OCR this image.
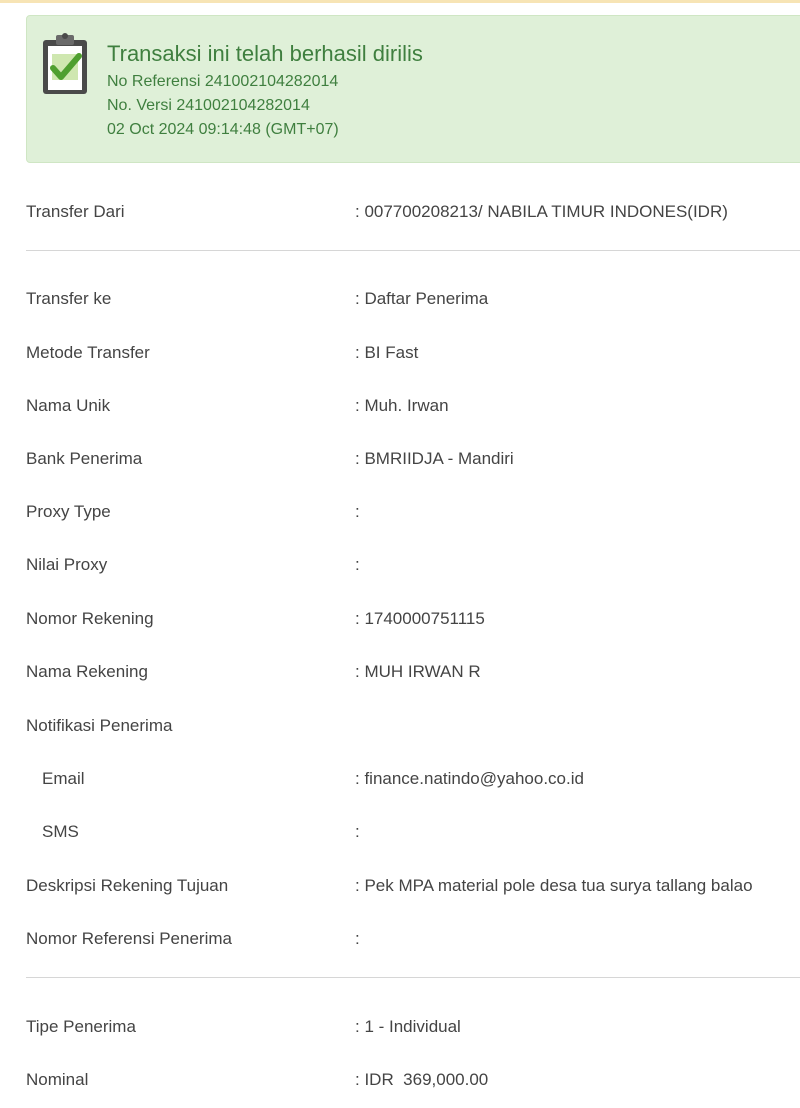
Transaksi ini telah berhasil dirilis
No Referensi 241002104282014
No. Versi 241002104282014
02 Oct 2024 09:14:48 (GMT+07)
Transfer Dari	: 007700208213/ NABILA TIMUR INDONES(IDR)
Transfer ke	: Daftar Penerima
Metode Transfer	: BI Fast
Nama Unik	: Muh. Irwan
Bank Penerima	: BMRIIDJA - Mandiri
Proxy Type	:
Nilai Proxy	:
Nomor Rekening	: 1740000751115
Nama Rekening	: MUH IRWAN R
Notifikasi Penerima
Email	: finance.natindo@yahoo.co.id
SMS	:
Deskripsi Rekening Tujuan	: Pek MPA material pole desa tua surya tallang balao
Nomor Referensi Penerima	:
Tipe Penerima	: 1 - Individual
Nominal	: IDR  369,000.00
